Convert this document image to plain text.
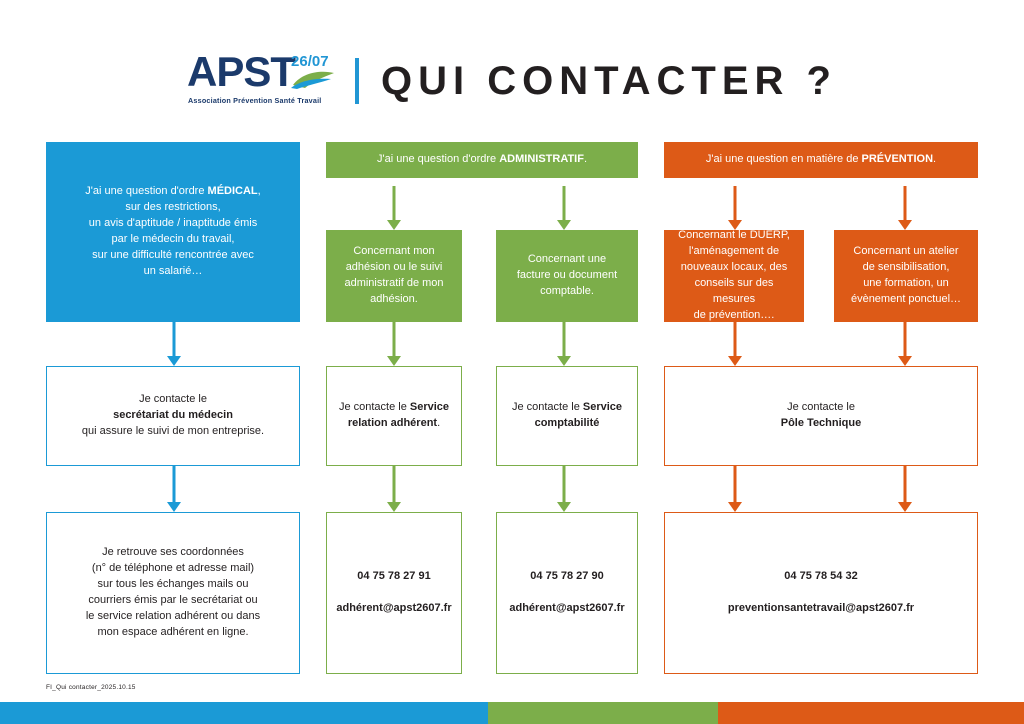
APST
26/07
Association Prévention Santé Travail QUI CONTACTER ?
J'ai une question d'ordre MÉDICAL,
sur des restrictions,
un avis d'aptitude / inaptitude émis
par le médecin du travail,
sur une difficulté rencontrée avec
un salarié…
Je contacte le
secrétariat du médecin
qui assure le suivi de mon entreprise.
Je retrouve ses coordonnées
(n° de téléphone et adresse mail)
sur tous les échanges mails ou
courriers émis par le secrétariat ou
le service relation adhérent ou dans
mon espace adhérent en ligne.
J'ai une question d'ordre ADMINISTRATIF.
Concernant mon
adhésion ou le suivi
administratif de mon
adhésion.
Concernant une
facture ou document
comptable.
Je contacte le Service
relation adhérent.
Je contacte le Service
comptabilité
04 75 78 27 91
adhérent@apst2607.fr
04 75 78 27 90
adhérent@apst2607.fr
J'ai une question en matière de PRÉVENTION.
Concernant le DUERP,
l'aménagement de
nouveaux locaux, des
conseils sur des mesures
de prévention….
Concernant un atelier
de sensibilisation,
une formation, un
évènement ponctuel…
Je contacte le
Pôle Technique
04 75 78 54 32
preventionsantetravail@apst2607.fr
FI_Qui contacter_2025.10.15
